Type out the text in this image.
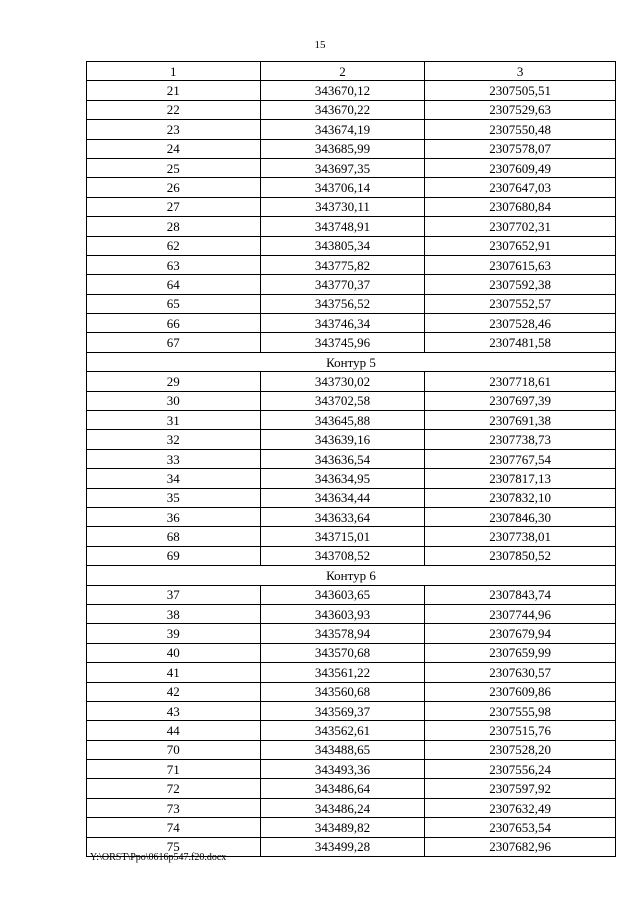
15
1	2	3
21	343670,12	2307505,51
22	343670,22	2307529,63
23	343674,19	2307550,48
24	343685,99	2307578,07
25	343697,35	2307609,49
26	343706,14	2307647,03
27	343730,11	2307680,84
28	343748,91	2307702,31
62	343805,34	2307652,91
63	343775,82	2307615,63
64	343770,37	2307592,38
65	343756,52	2307552,57
66	343746,34	2307528,46
67	343745,96	2307481,58
Контур 5		
29	343730,02	2307718,61
30	343702,58	2307697,39
31	343645,88	2307691,38
32	343639,16	2307738,73
33	343636,54	2307767,54
34	343634,95	2307817,13
35	343634,44	2307832,10
36	343633,64	2307846,30
68	343715,01	2307738,01
69	343708,52	2307850,52
Контур 6		
37	343603,65	2307843,74
38	343603,93	2307744,96
39	343578,94	2307679,94
40	343570,68	2307659,99
41	343561,22	2307630,57
42	343560,68	2307609,86
43	343569,37	2307555,98
44	343562,61	2307515,76
70	343488,65	2307528,20
71	343493,36	2307556,24
72	343486,64	2307597,92
73	343486,24	2307632,49
74	343489,82	2307653,54
75	343499,28	2307682,96
Y:\ORST\Ppo\0616p547.f20.docx
